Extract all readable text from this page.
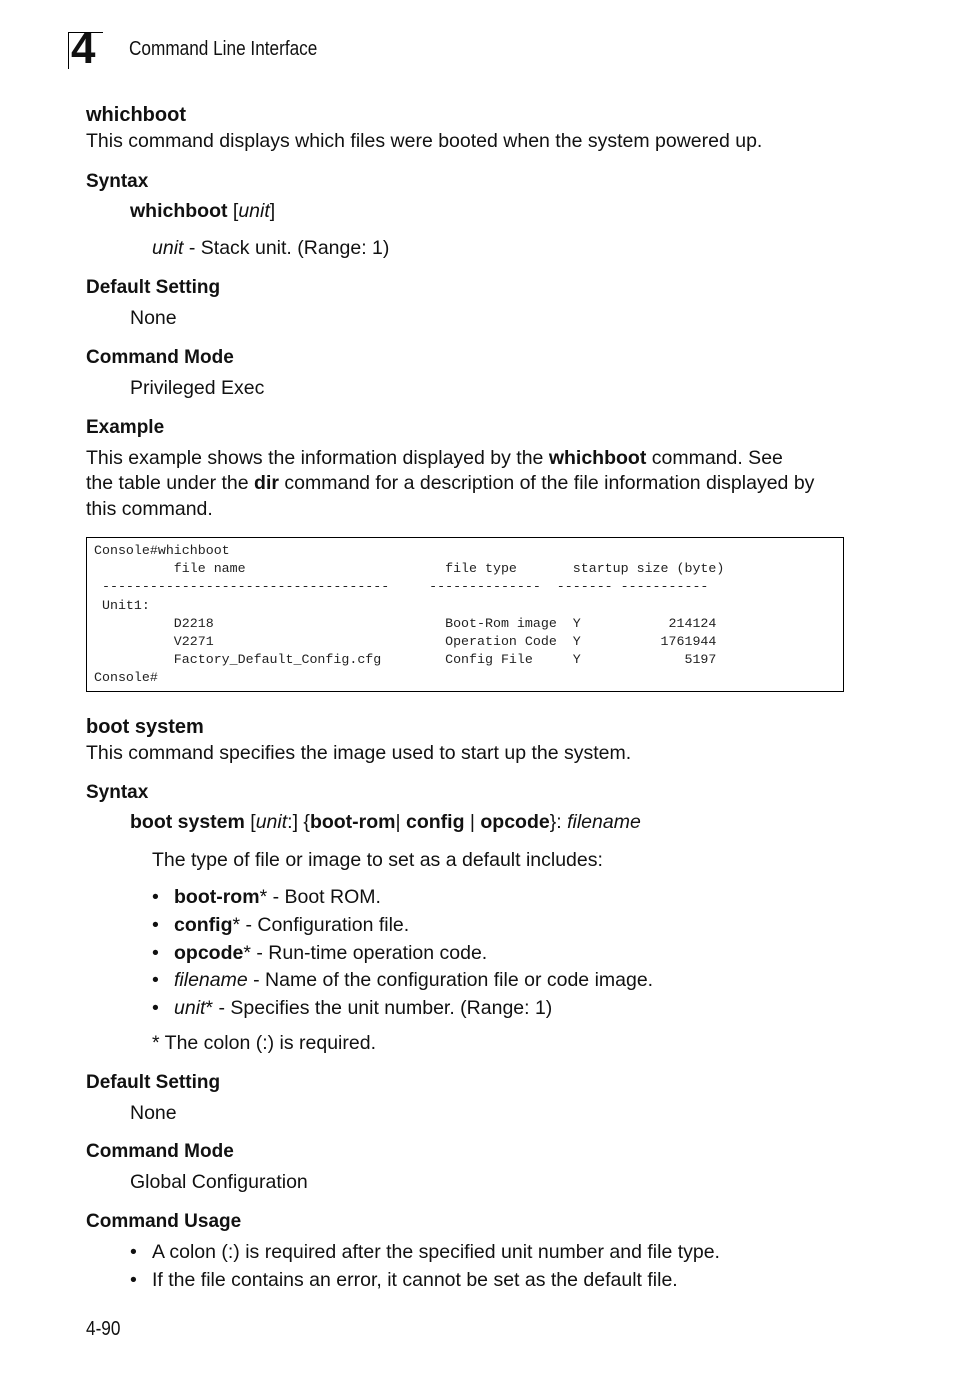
4 Command Line Interface
whichboot
This command displays which files were booted when the system powered up.
Syntax
whichboot [unit]
unit - Stack unit. (Range: 1)
Default Setting
None
Command Mode
Privileged Exec
Example
This example shows the information displayed by the whichboot command. See
the table under the dir command for a description of the file information displayed by
this command.
Console#whichboot
file name                         file type       startup size (byte)
------------------------------------     --------------  ------- -----------
Unit1:
D2218                             Boot-Rom image  Y           214124
V2271                             Operation Code  Y          1761944
Factory_Default_Config.cfg        Config File     Y             5197
Console#
boot system
This command specifies the image used to start up the system.
Syntax
boot system [unit:] {boot-rom| config | opcode}: filename
The type of file or image to set as a default includes:
• boot-rom* - Boot ROM.
• config* - Configuration file.
• opcode* - Run-time operation code.
• filename - Name of the configuration file or code image.
• unit* - Specifies the unit number. (Range: 1)
* The colon (:) is required.
Default Setting
None
Command Mode
Global Configuration
Command Usage
• A colon (:) is required after the specified unit number and file type.
• If the file contains an error, it cannot be set as the default file.
4-90
